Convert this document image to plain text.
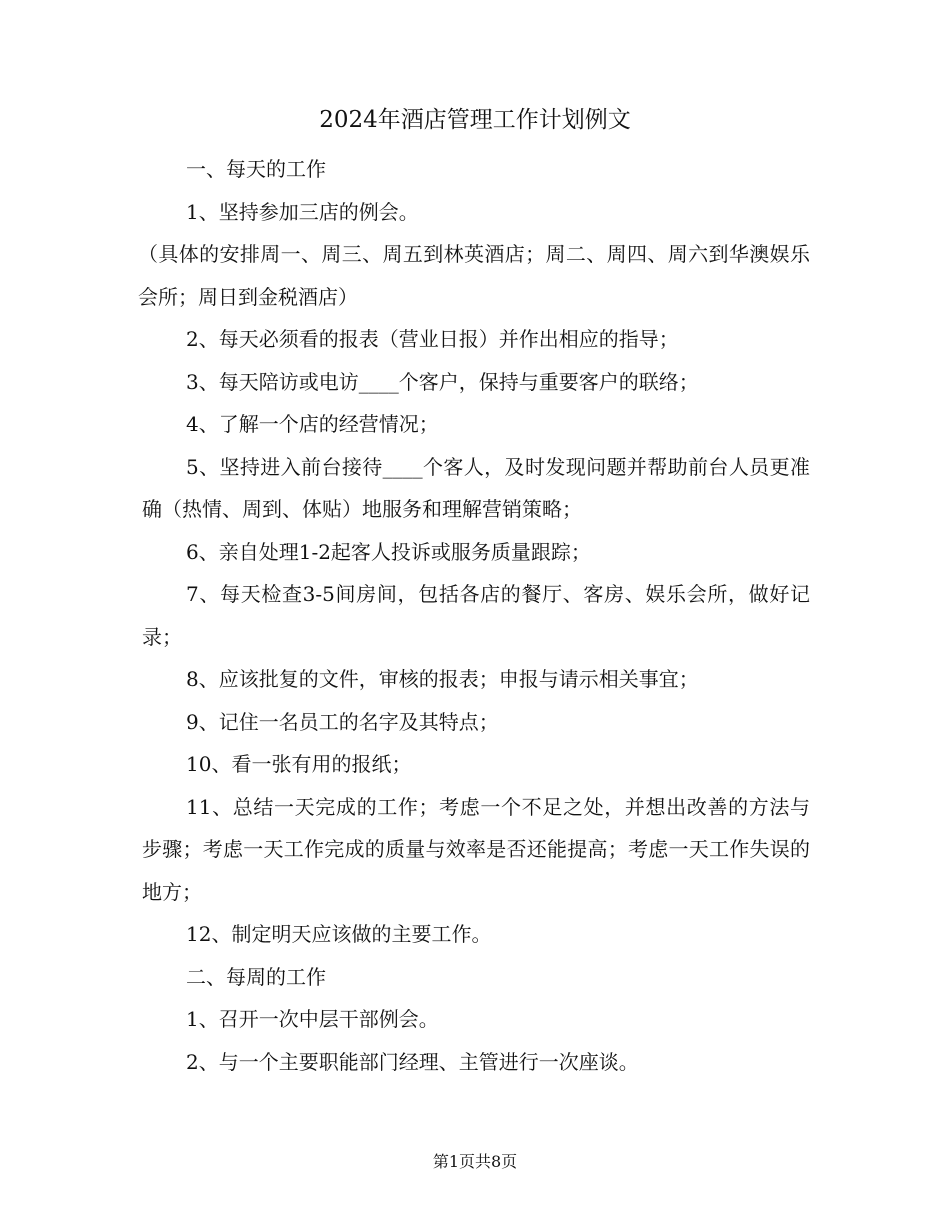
2024年酒店管理工作计划例文

一、每天的工作

1、坚持参加三店的例会。

（具体的安排周一、周三、周五到林英酒店；周二、周四、周六到华澳娱乐会所；周日到金税酒店）

2、每天必须看的报表（营业日报）并作出相应的指导；

3、每天陪访或电访____个客户，保持与重要客户的联络；

4、了解一个店的经营情况；

5、坚持进入前台接待____个客人，及时发现问题并帮助前台人员更准确（热情、周到、体贴）地服务和理解营销策略；

6、亲自处理1-2起客人投诉或服务质量跟踪；

7、每天检查3-5间房间，包括各店的餐厅、客房、娱乐会所，做好记录；

8、应该批复的文件，审核的报表；申报与请示相关事宜；

9、记住一名员工的名字及其特点；

10、看一张有用的报纸；

11、总结一天完成的工作；考虑一个不足之处，并想出改善的方法与步骤；考虑一天工作完成的质量与效率是否还能提高；考虑一天工作失误的地方；

12、制定明天应该做的主要工作。

二、每周的工作

1、召开一次中层干部例会。

2、与一个主要职能部门经理、主管进行一次座谈。

第1页共8页
